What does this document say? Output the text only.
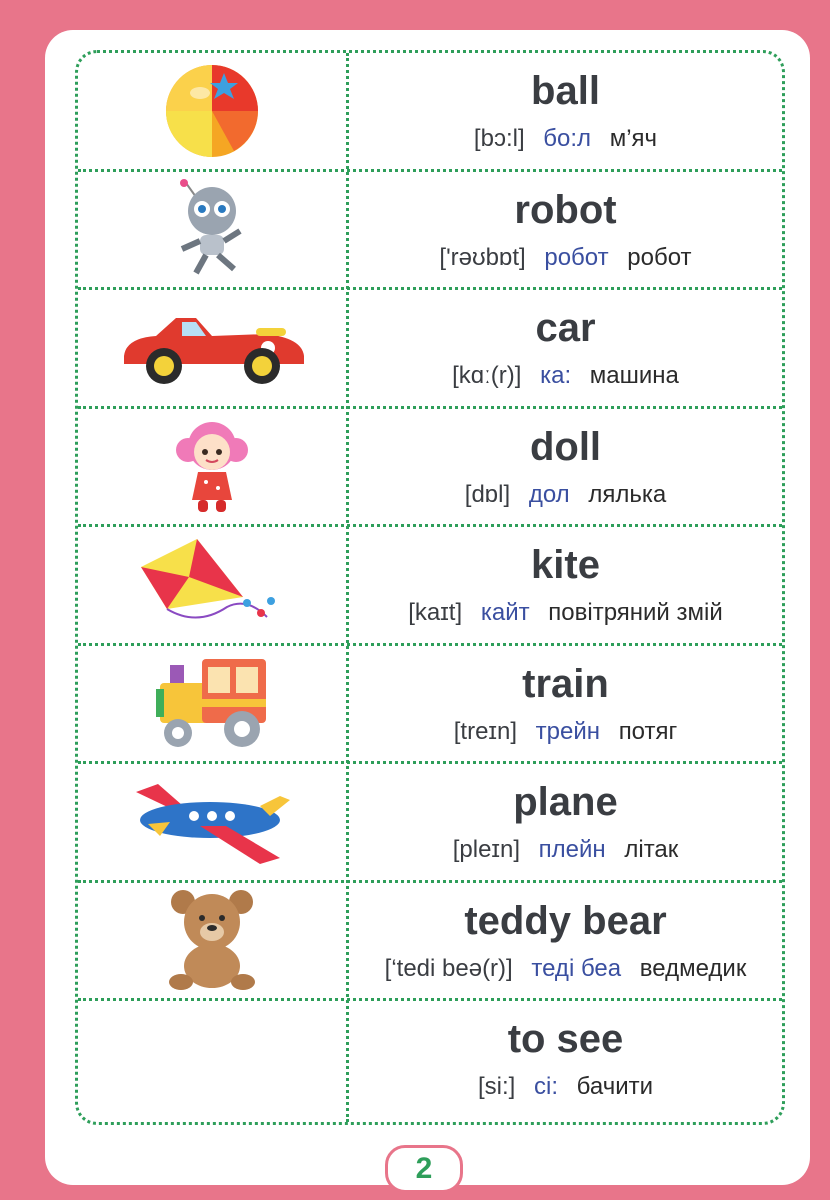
ball
[bɔ:l] бо:л м’яч
robot
['rəʊbɒt] робот робот
car
[kɑː(r)] ка: машина
doll
[dɒl] дол лялька
kite
[kaɪt] кайт повітряний змій
train
[treɪn] трейн потяг
plane
[pleɪn] плейн літак
teddy bear
[‘tedi beə(r)] теді беа ведмедик
to see
[si:] сі: бачити
2
